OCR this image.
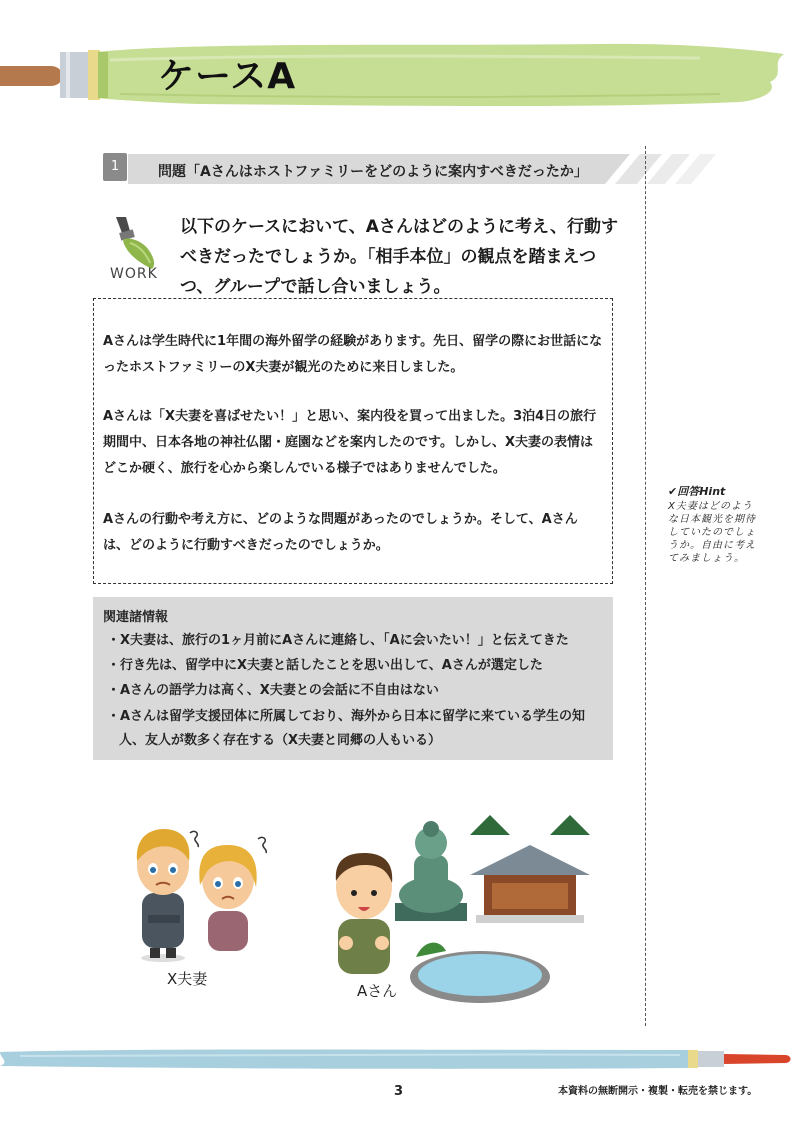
ケースA
1	問題「Aさんはホストファミリーをどのように案内すべきだったか」
WORK
以下のケースにおいて、Aさんはどのように考え、行動すべきだったでしょうか。「相手本位」の観点を踏まえつつ、グループで話し合いましょう。
Aさんは学生時代に1年間の海外留学の経験があります。先日、留学の際にお世話になったホストファミリーのX夫妻が観光のために来日しました。
Aさんは「X夫妻を喜ばせたい！」と思い、案内役を買って出ました。3泊4日の旅行期間中、日本各地の神社仏閣・庭園などを案内したのです。しかし、X夫妻の表情はどこか硬く、旅行を心から楽しんでいる様子ではありませんでした。
Aさんの行動や考え方に、どのような問題があったのでしょうか。そして、Aさんは、どのように行動すべきだったのでしょうか。
✔回答Hint
X夫妻はどのような日本観光を期待していたのでしょうか。自由に考えてみましょう。
関連諸情報
・X夫妻は、旅行の1ヶ月前にAさんに連絡し、「Aに会いたい！」と伝えてきた
・行き先は、留学中にX夫妻と話したことを思い出して、Aさんが選定した
・Aさんの語学力は高く、X夫妻との会話に不自由はない
・Aさんは留学支援団体に所属しており、海外から日本に留学に来ている学生の知人、友人が数多く存在する（X夫妻と同郷の人もいる）
X夫妻
Aさん
3	本資料の無断開示・複製・転売を禁じます。
